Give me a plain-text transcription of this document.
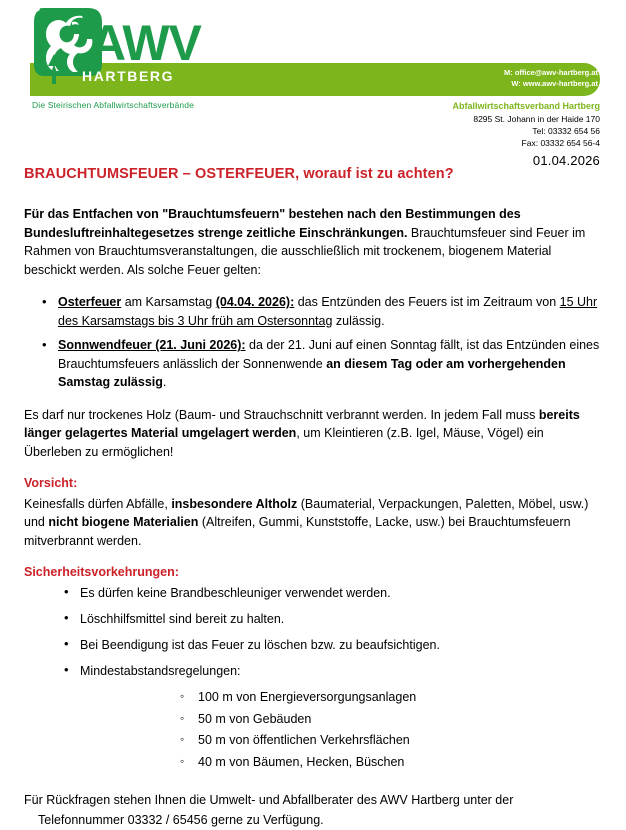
AWV
HARTBERG
Die Steirischen Abfallwirtschaftsverbände
M: office@awv-hartberg.at
W: www.awv-hartberg.at
Abfallwirtschaftsverband Hartberg
8295 St. Johann in der Haide 170
Tel: 03332 654 56
Fax: 03332 654 56-4
01.04.2026
BRAUCHTUMSFEUER – OSTERFEUER, worauf ist zu achten?

Für das Entfachen von "Brauchtumsfeuern" bestehen nach den Bestimmungen des Bundesluftreinhaltegesetzes strenge zeitliche Einschränkungen. Brauchtumsfeuer sind Feuer im Rahmen von Brauchtumsveranstaltungen, die ausschließlich mit trockenem, biogenem Material beschickt werden. Als solche Feuer gelten:

• Osterfeuer am Karsamstag (04.04. 2026): das Entzünden des Feuers ist im Zeitraum von 15 Uhr des Karsamstags bis 3 Uhr früh am Ostersonntag zulässig.
• Sonnwendfeuer (21. Juni 2026): da der 21. Juni auf einen Sonntag fällt, ist das Entzünden eines Brauchtumsfeuers anlässlich der Sonnenwende an diesem Tag oder am vorhergehenden Samstag zulässig.

Es darf nur trockenes Holz (Baum- und Strauchschnitt verbrannt werden. In jedem Fall muss bereits länger gelagertes Material umgelagert werden, um Kleintieren (z.B. Igel, Mäuse, Vögel) ein Überleben zu ermöglichen!

Vorsicht:

Keinesfalls dürfen Abfälle, insbesondere Altholz (Baumaterial, Verpackungen, Paletten, Möbel, usw.) und nicht biogene Materialien (Altreifen, Gummi, Kunststoffe, Lacke, usw.) bei Brauchtumsfeuern mitverbrannt werden.

Sicherheitsvorkehrungen:
• Es dürfen keine Brandbeschleuniger verwendet werden.
• Löschhilfsmittel sind bereit zu halten.
• Bei Beendigung ist das Feuer zu löschen bzw. zu beaufsichtigen.
• Mindestabstandsregelungen:
◦ 100 m von Energieversorgungsanlagen
◦ 50 m von Gebäuden
◦ 50 m von öffentlichen Verkehrsflächen
◦ 40 m von Bäumen, Hecken, Büschen

Für Rückfragen stehen Ihnen die Umwelt- und Abfallberater des AWV Hartberg unter der
Telefonnummer 03332 / 65456 gerne zu Verfügung.
